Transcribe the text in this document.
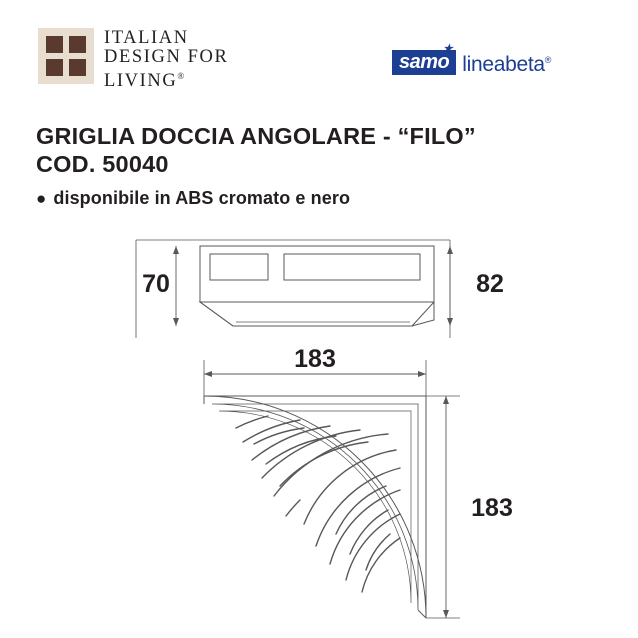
ITALIAN
DESIGN FOR
LIVING®
★
samo lineabeta®
GRIGLIA DOCCIA ANGOLARE - “FILO”
COD. 50040
● disponibile in ABS cromato e nero
70	82
183
183
